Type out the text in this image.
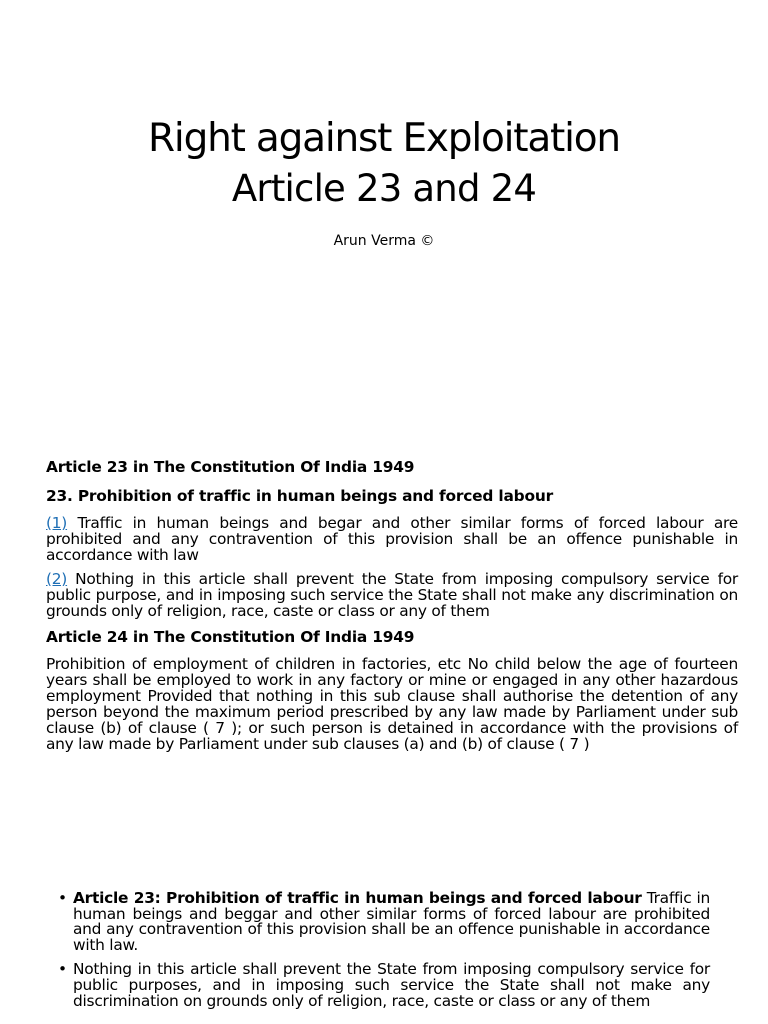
Right against Exploitation
Article 23 and 24
Arun Verma ©
Article 23 in The Constitution Of India 1949
23. Prohibition of traffic in human beings and forced labour
(1) Traffic in human beings and begar and other similar forms of forced labour are prohibited and any contravention of this provision shall be an offence punishable in accordance with law
(2) Nothing in this article shall prevent the State from imposing compulsory service for public purpose, and in imposing such service the State shall not make any discrimination on grounds only of religion, race, caste or class or any of them
Article 24 in The Constitution Of India 1949
Prohibition of employment of children in factories, etc No child below the age of fourteen years shall be employed to work in any factory or mine or engaged in any other hazardous employment Provided that nothing in this sub clause shall authorise the detention of any person beyond the maximum period prescribed by any law made by Parliament under sub clause (b) of clause ( 7 ); or such person is detained in accordance with the provisions of any law made by Parliament under sub clauses (a) and (b) of clause ( 7 )
• Article 23: Prohibition of traffic in human beings and forced labour Traffic in human beings and beggar and other similar forms of forced labour are prohibited and any contravention of this provision shall be an offence punishable in accordance with law.
• Nothing in this article shall prevent the State from imposing compulsory service for public purposes, and in imposing such service the State shall not make any discrimination on grounds only of religion, race, caste or class or any of them
